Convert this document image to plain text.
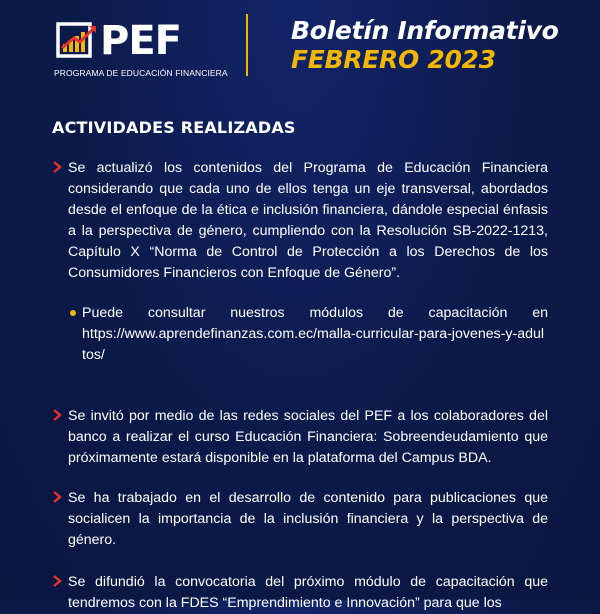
PEF
PROGRAMA DE EDUCACIÓN FINANCIERA
Boletín Informativo
FEBRERO 2023
ACTIVIDADES REALIZADAS
Se actualizó los contenidos del Programa de Educación Financiera considerando que cada uno de ellos tenga un eje transversal, abordados desde el enfoque de la ética e inclusión financiera, dándole especial énfasis a la perspectiva de género, cumpliendo con la Resolución SB-2022-1213, Capítulo X “Norma de Control de Protección a los Derechos de los Consumidores Financieros con Enfoque de Género”.
Puede consultar nuestros módulos de capacitación en
https://www.aprendefinanzas.com.ec/malla-curricular-para-jovenes-y-adultos/
Se invitó por medio de las redes sociales del PEF a los colaboradores del banco a realizar el curso Educación Financiera: Sobreendeudamiento que próximamente estará disponible en la plataforma del Campus BDA.
Se ha trabajado en el desarrollo de contenido para publicaciones que socialicen la importancia de la inclusión financiera y la perspectiva de género.
Se difundió la convocatoria del próximo módulo de capacitación que tendremos con la FDES “Emprendimiento e Innovación” para que los
